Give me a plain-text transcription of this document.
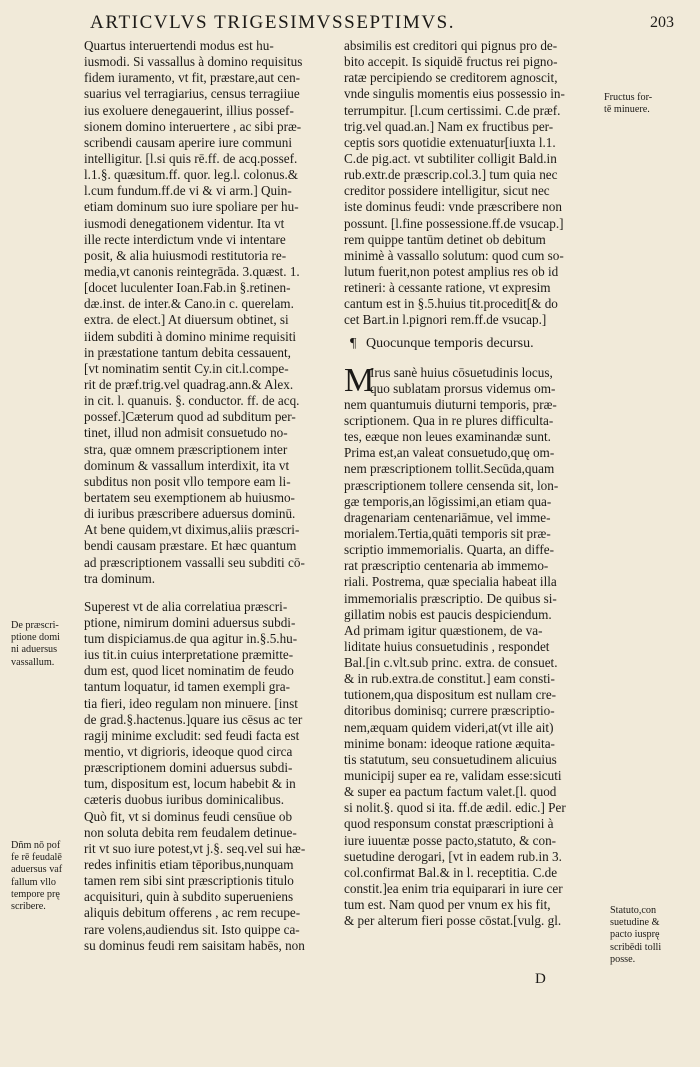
ARTICVLVS TRIGESIMVSSEPTIMVS.	203
Quartus interuertendi modus est hu-
iusmodi. Si vassallus à domino requisitus
fidem iuramento, vt fit, præstare,aut cen-
suarius vel terragiarius, census terragiiue
ius exoluere denegauerint, illius possef-
sionem domino interuertere , ac sibi præ-
scribendi causam aperire iure communi
intelligitur. [l.si quis rē.ff. de acq.possef.
l.1.§. quæsitum.ff. quor. leg.l. colonus.&
l.cum fundum.ff.de vi & vi arm.] Quin-
etiam dominum suo iure spoliare per hu-
iusmodi denegationem videntur. Ita vt
ille recte interdictum vnde vi intentare
posit, & alia huiusmodi restitutoria re-
media,vt canonis reintegrāda. 3.quæst. 1.
[docet luculenter Ioan.Fab.in §.retinen-
dæ.inst. de inter.& Cano.in c. querelam.
extra. de elect.] At diuersum obtinet, si
iidem subditi à domino minime requisiti
in præstatione tantum debita cessauent,
[vt nominatim sentit Cy.in cit.l.compe-
rit de præf.trig.vel quadrag.ann.& Alex.
in cit. l. quanuis. §. conductor. ff. de acq.
possef.]Cæterum quod ad subditum per-
tinet, illud non admisit consuetudo no-
stra, quæ omnem præscriptionem inter
dominum & vassallum interdixit, ita vt
subditus non posit vllo tempore eam li-
bertatem seu exemptionem ab huiusmo-
di iuribus præscribere aduersus dominū.
At bene quidem,vt diximus,aliis præscri-
bendi causam præstare. Et hæc quantum
ad præscriptionem vassalli seu subditi cō-
tra dominum.
Superest vt de alia correlatiua præscri-
ptione, nimirum domini aduersus subdi-
tum dispiciamus.de qua agitur in.§.5.hu-
ius tit.in cuius interpretatione præmitte-
dum est, quod licet nominatim de feudo
tantum loquatur, id tamen exempli gra-
tia fieri, ideo regulam non minuere. [inst
de grad.§.hactenus.]quare ius cēsus ac ter
ragij minime excludit: sed feudi facta est
mentio, vt digrioris, ideoque quod circa
præscriptionem domini aduersus subdi-
tum, dispositum est, locum habebit & in
cæteris duobus iuribus dominicalibus.
Quò fit, vt si dominus feudi censūue ob
non soluta debita rem feudalem detinue-
rit vt suo iure potest,vt j.§. seq.vel sui hæ-
redes infinitis etiam tēporibus,nunquam
tamen rem sibi sint præscriptionis titulo
acquisituri, quin à subdito superueniens
aliquis debitum offerens , ac rem recupe-
rare volens,audiendus sit. Isto quippe ca-
su dominus feudi rem saisitam habēs, non
absimilis est creditori qui pignus pro de-
bito accepit. Is siquidē fructus rei pigno-
ratæ percipiendo se creditorem agnoscit,
vnde singulis momentis eius possessio in-
terrumpitur. [l.cum certissimi. C.de præf.
trig.vel quad.an.] Nam ex fructibus per-
ceptis sors quotidie extenuatur[iuxta l.1.
C.de pig.act. vt subtiliter colligit Bald.in
rub.extr.de præscrip.col.3.] tum quia nec
creditor possidere intelligitur, sicut nec
iste dominus feudi: vnde præscribere non
possunt. [l.fine possessione.ff.de vsucap.]
rem quippe tantūm detinet ob debitum
minimè à vassallo solutum: quod cum so-
lutum fuerit,non potest amplius res ob id
retineri: à cessante ratione, vt expresim
cantum est in §.5.huius tit.procedit[& do
cet Bart.in l.pignori rem.ff.de vsucap.]
¶ Quocunque temporis decursu.
M
Irus sanè huius cōsuetudinis locus,
quo sublatam prorsus videmus om-
nem quantumuis diuturni temporis, præ-
scriptionem. Qua in re plures difficulta-
tes, eæque non leues examinandæ sunt.
Prima est,an valeat consuetudo,quę om-
nem præscriptionem tollit.Secūda,quam
præscriptionem tollere censenda sit, lon-
gæ temporis,an lōgissimi,an etiam qua-
dragenariam centenariāmue, vel imme-
morialem.Tertia,quāti temporis sit præ-
scriptio immemorialis. Quarta, an diffe-
rat præscriptio centenaria ab immemo-
riali. Postrema, quæ specialia habeat illa
immemorialis præscriptio. De quibus si-
gillatim nobis est paucis despiciendum.
Ad primam igitur quæstionem, de va-
liditate huius consuetudinis , respondet
Bal.[in c.vlt.sub princ. extra. de consuet.
& in rub.extra.de constitut.] eam consti-
tutionem,qua dispositum est nullam cre-
ditoribus dominisq; currere præscriptio-
nem,æquam quidem videri,at(vt ille ait)
minime bonam: ideoque ratione æquita-
tis statutum, seu consuetudinem alicuius
municipij super ea re, validam esse:sicuti
& super ea pactum factum valet.[l. quod
si nolit.§. quod si ita. ff.de ædil. edic.] Per
quod responsum constat præscriptioni à
iure iuuentæ posse pacto,statuto, & con-
suetudine derogari, [vt in eadem rub.in 3.
col.confirmat Bal.& in l. receptitia. C.de
constit.]ea enim tria equiparari in iure cer
tum est. Nam quod per vnum ex his fit,
& per alterum fieri posse cōstat.[vulg. gl.
Fructus for-
tē minuere.
De præscri-
ptione domi
ni aduersus
vassallum.
Dñm nō pof
fe rē feudalē
aduersus vaf
fallum vllo
tempore prę
scribere.	Statuto,con
suetudine &
pacto iusprę
scribēdi tolli
posse.
D
